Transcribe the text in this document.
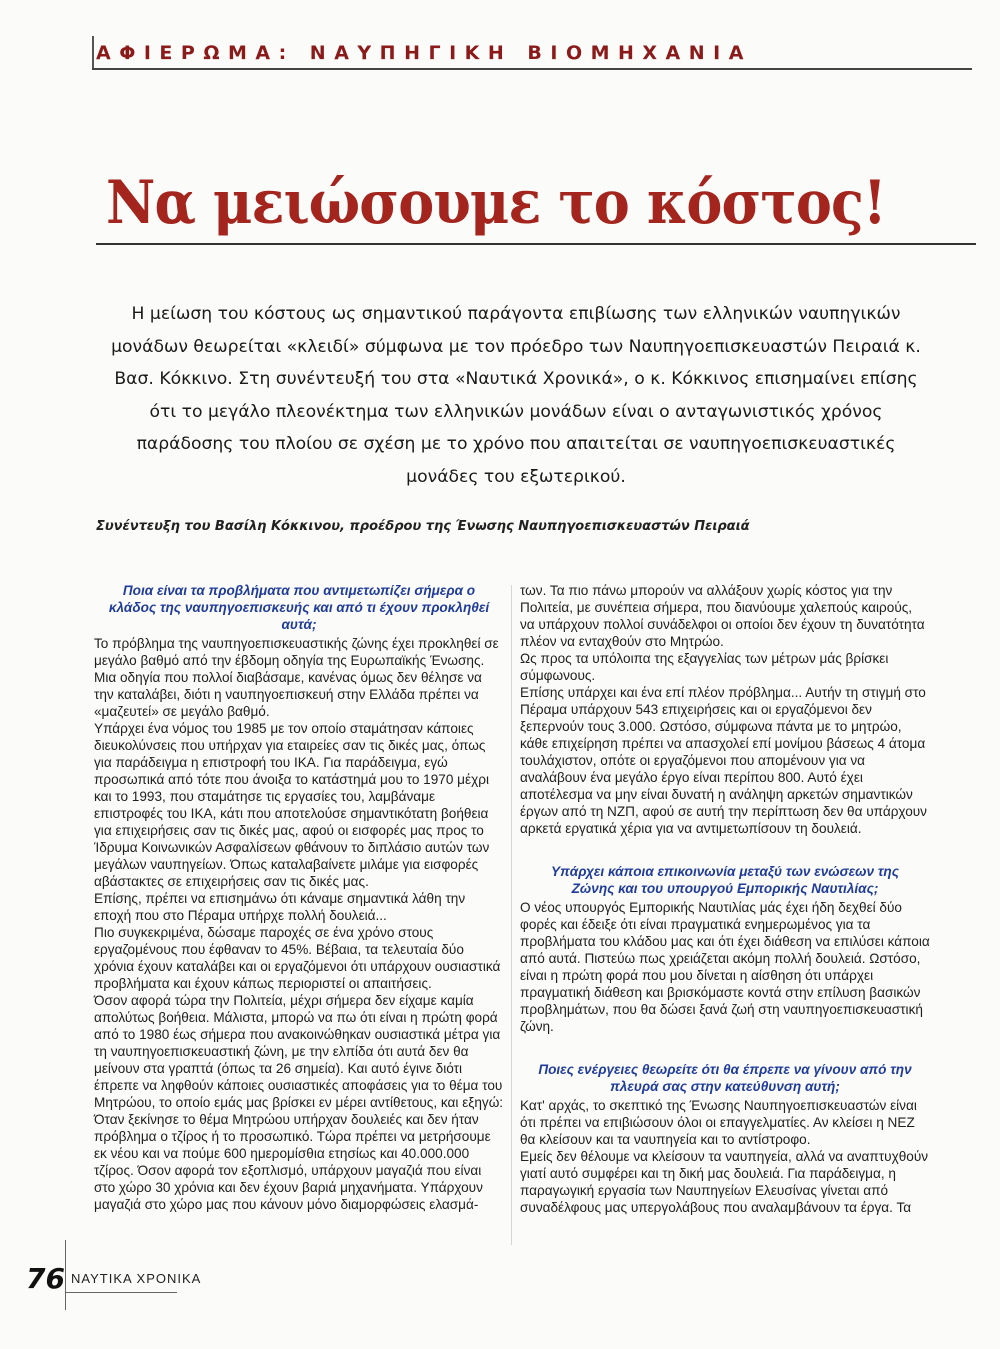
ΑΦΙΕΡΩΜΑ: ΝΑΥΠΗΓΙΚΗ ΒΙΟΜΗΧΑΝΙΑ
Να μειώσουμε το κόστος!

Η μείωση του κόστους ως σημαντικού παράγοντα επιβίωσης των ελληνικών ναυπηγικών μονάδων θεωρείται «κλειδί» σύμφωνα με τον πρόεδρο των Ναυπηγοεπισκευαστών Πειραιά κ. Βασ. Κόκκινο. Στη συνέντευξή του στα «Ναυτικά Χρονικά», ο κ. Κόκκινος επισημαίνει επίσης ότι το μεγάλο πλεονέκτημα των ελληνικών μονάδων είναι ο ανταγωνιστικός χρόνος παράδοσης του πλοίου σε σχέση με το χρόνο που απαιτείται σε ναυπηγοεπισκευαστικές μονάδες του εξωτερικού.

Συνέντευξη του Βασίλη Κόκκινου, προέδρου της Ένωσης Ναυπηγοεπισκευαστών Πειραιά

Ποια είναι τα προβλήματα που αντιμετωπίζει σήμερα ο κλάδος της ναυπηγοεπισκευής και από τι έχουν προκληθεί αυτά;

Το πρόβλημα της ναυπηγοεπισκευαστικής ζώνης έχει προκληθεί σε μεγάλο βαθμό από την έβδομη οδηγία της Ευρωπαϊκής Ένωσης. Μια οδηγία που πολλοί διαβάσαμε, κανένας όμως δεν θέλησε να την καταλάβει, διότι η ναυπηγοεπισκευή στην Ελλάδα πρέπει να «μαζευτεί» σε μεγάλο βαθμό.

Υπάρχει ένα νόμος του 1985 με τον οποίο σταμάτησαν κάποιες διευκολύνσεις που υπήρχαν για εταιρείες σαν τις δικές μας, όπως για παράδειγμα η επιστροφή του ΙΚΑ. Για παράδειγμα, εγώ προσωπικά από τότε που άνοιξα το κατάστημά μου το 1970 μέχρι και το 1993, που σταμάτησε τις εργασίες του, λαμβάναμε επιστροφές του ΙΚΑ, κάτι που αποτελούσε σημαντικότατη βοήθεια για επιχειρήσεις σαν τις δικές μας, αφού οι εισφορές μας προς το Ίδρυμα Κοινωνικών Ασφαλίσεων φθάνουν το διπλάσιο αυτών των μεγάλων ναυπηγείων. Όπως καταλαβαίνετε μιλάμε για εισφορές αβάστακτες σε επιχειρήσεις σαν τις δικές μας.

Επίσης, πρέπει να επισημάνω ότι κάναμε σημαντικά λάθη την εποχή που στο Πέραμα υπήρχε πολλή δουλειά...

Πιο συγκεκριμένα, δώσαμε παροχές σε ένα χρόνο στους εργαζομένους που έφθαναν το 45%. Βέβαια, τα τελευταία δύο χρόνια έχουν καταλάβει και οι εργαζόμενοι ότι υπάρχουν ουσιαστικά προβλήματα και έχουν κάπως περιοριστεί οι απαιτήσεις.

Όσον αφορά τώρα την Πολιτεία, μέχρι σήμερα δεν είχαμε καμία απολύτως βοήθεια. Μάλιστα, μπορώ να πω ότι είναι η πρώτη φορά από το 1980 έως σήμερα που ανακοινώθηκαν ουσιαστικά μέτρα για τη ναυπηγοεπισκευαστική ζώνη, με την ελπίδα ότι αυτά δεν θα μείνουν στα γραπτά (όπως τα 26 σημεία). Και αυτό έγινε διότι έπρεπε να ληφθούν κάποιες ουσιαστικές αποφάσεις για το θέμα του Μητρώου, το οποίο εμάς μας βρίσκει εν μέρει αντίθετους, και εξηγώ:

Όταν ξεκίνησε το θέμα Μητρώου υπήρχαν δουλειές και δεν ήταν πρόβλημα ο τζίρος ή το προσωπικό. Τώρα πρέπει να μετρήσουμε εκ νέου και να πούμε 600 ημερομίσθια ετησίως και 40.000.000 τζίρος. Όσον αφορά τον εξοπλισμό, υπάρχουν μαγαζιά που είναι στο χώρο 30 χρόνια και δεν έχουν βαριά μηχανήματα. Υπάρχουν μαγαζιά στο χώρο μας που κάνουν μόνο διαμορφώσεις ελασμά-

των. Τα πιο πάνω μπορούν να αλλάξουν χωρίς κόστος για την Πολιτεία, με συνέπεια σήμερα, που διανύουμε χαλεπούς καιρούς, να υπάρχουν πολλοί συνάδελφοι οι οποίοι δεν έχουν τη δυνατότητα πλέον να ενταχθούν στο Μητρώο.

Ως προς τα υπόλοιπα της εξαγγελίας των μέτρων μάς βρίσκει σύμφωνους.

Επίσης υπάρχει και ένα επί πλέον πρόβλημα... Αυτήν τη στιγμή στο Πέραμα υπάρχουν 543 επιχειρήσεις και οι εργαζόμενοι δεν ξεπερνούν τους 3.000. Ωστόσο, σύμφωνα πάντα με το μητρώο, κάθε επιχείρηση πρέπει να απασχολεί επί μονίμου βάσεως 4 άτομα τουλάχιστον, οπότε οι εργαζόμενοι που απομένουν για να αναλάβουν ένα μεγάλο έργο είναι περίπου 800. Αυτό έχει αποτέλεσμα να μην είναι δυνατή η ανάληψη αρκετών σημαντικών έργων από τη ΝΖΠ, αφού σε αυτή την περίπτωση δεν θα υπάρχουν αρκετά εργατικά χέρια για να αντιμετωπίσουν τη δουλειά.

Υπάρχει κάποια επικοινωνία μεταξύ των ενώσεων της Ζώνης και του υπουργού Εμπορικής Ναυτιλίας;

Ο νέος υπουργός Εμπορικής Ναυτιλίας μάς έχει ήδη δεχθεί δύο φορές και έδειξε ότι είναι πραγματικά ενημερωμένος για τα προβλήματα του κλάδου μας και ότι έχει διάθεση να επιλύσει κάποια από αυτά. Πιστεύω πως χρειάζεται ακόμη πολλή δουλειά. Ωστόσο, είναι η πρώτη φορά που μου δίνεται η αίσθηση ότι υπάρχει πραγματική διάθεση και βρισκόμαστε κοντά στην επίλυση βασικών προβλημάτων, που θα δώσει ξανά ζωή στη ναυπηγοεπισκευαστική ζώνη.

Ποιες ενέργειες θεωρείτε ότι θα έπρεπε να γίνουν από την πλευρά σας στην κατεύθυνση αυτή;

Κατ' αρχάς, το σκεπτικό της Ένωσης Ναυπηγοεπισκευαστών είναι ότι πρέπει να επιβιώσουν όλοι οι επαγγελματίες. Αν κλείσει η ΝΕΖ θα κλείσουν και τα ναυπηγεία και το αντίστροφο.

Εμείς δεν θέλουμε να κλείσουν τα ναυπηγεία, αλλά να αναπτυχθούν γιατί αυτό συμφέρει και τη δική μας δουλειά. Για παράδειγμα, η παραγωγική εργασία των Ναυπηγείων Ελευσίνας γίνεται από συναδέλφους μας υπεργολάβους που αναλαμβάνουν τα έργα. Τα

76 ΝΑΥΤΙΚΑ ΧΡΟΝΙΚΑ
